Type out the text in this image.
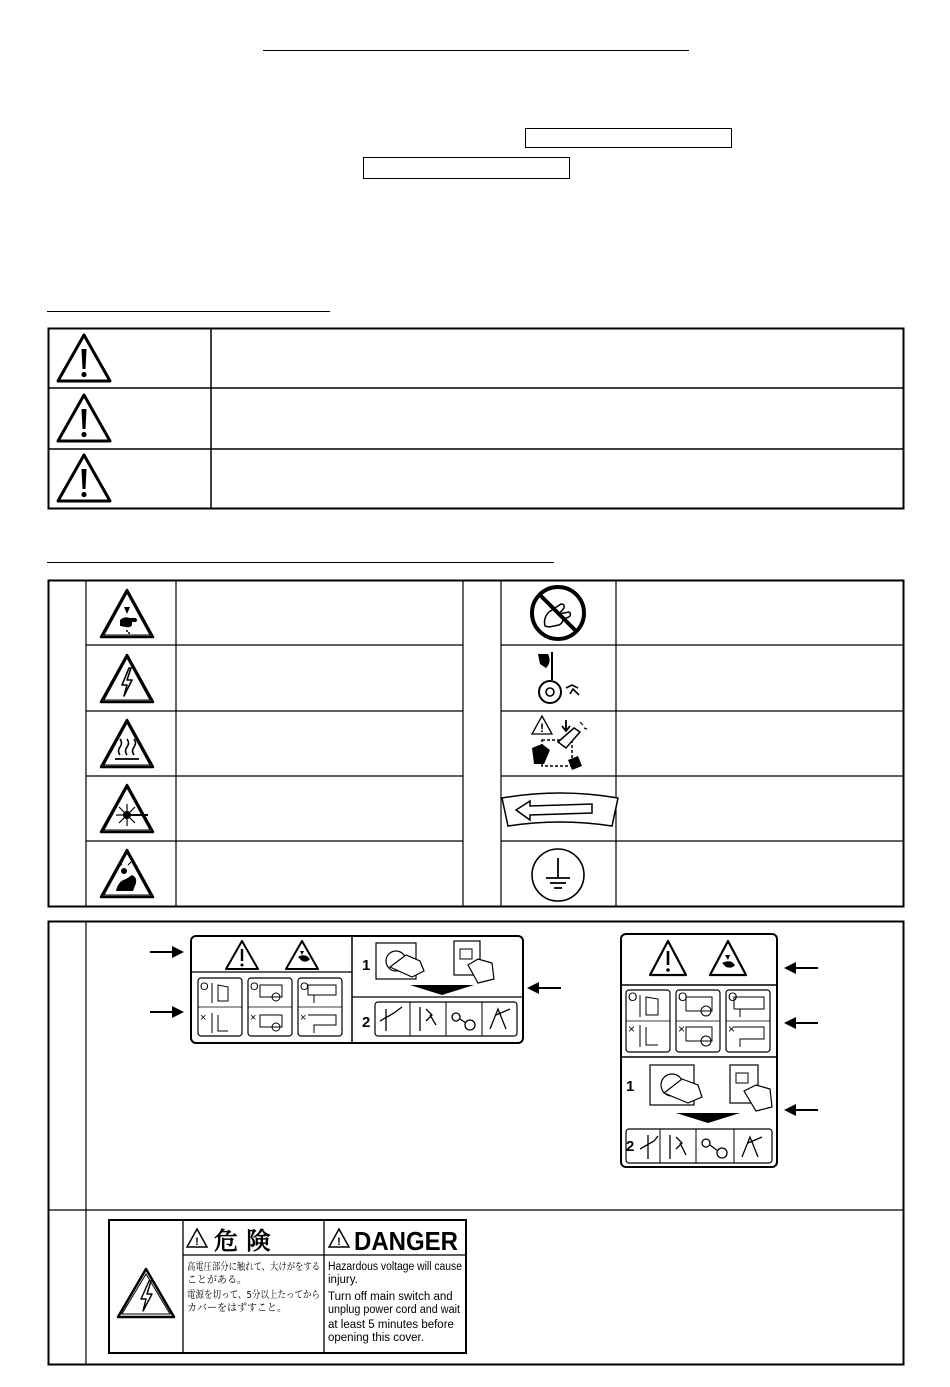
!
O	O	O
×	×	×
1
2
O	O	O
×	×	×
1
2
! 危 険	! DANGER
高電圧部分に触れて、大けがをする
ことがある。
電源を切って、5分以上たってから
カバーをはずすこと。
Hazardous voltage will cause
injury.
Turn off main switch and
unplug power cord and wait
at least 5 minutes before
opening this cover.
